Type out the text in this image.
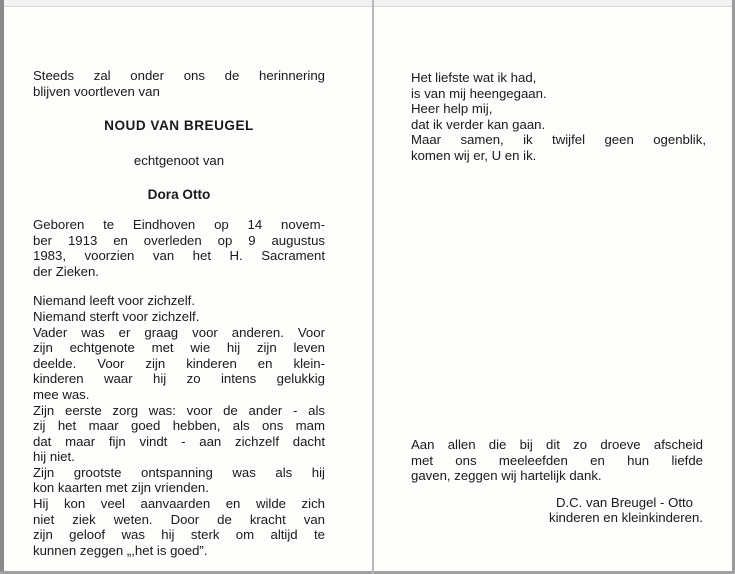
Steeds zal onder ons de herinnering
blijven voortleven van
NOUD VAN BREUGEL
echtgenoot van
Dora Otto
Geboren te Eindhoven op 14 novem-
ber 1913 en overleden op 9 augustus
1983, voorzien van het H. Sacrament
der Zieken.
Niemand leeft voor zichzelf.
Niemand sterft voor zichzelf.
Vader was er graag voor anderen. Voor
zijn echtgenote met wie hij zijn leven
deelde. Voor zijn kinderen en klein-
kinderen waar hij zo intens gelukkig
mee was.
Zijn eerste zorg was: voor de ander - als
zij het maar goed hebben, als ons mam
dat maar fijn vindt - aan zichzelf dacht
hij niet.
Zijn grootste ontspanning was als hij
kon kaarten met zijn vrienden.
Hij kon veel aanvaarden en wilde zich
niet ziek weten. Door de kracht van
zijn geloof was hij sterk om altijd te
kunnen zeggen „,het is goed”.
Het liefste wat ik had,
is van mij heengegaan.
Heer help mij,
dat ik verder kan gaan.
Maar samen, ik twijfel geen ogenblik,
komen wij er, U en ik.
Aan allen die bij dit zo droeve afscheid
met ons meeleefden en hun liefde
gaven, zeggen wij hartelijk dank.
D.C. van Breugel - Otto
kinderen en kleinkinderen.
